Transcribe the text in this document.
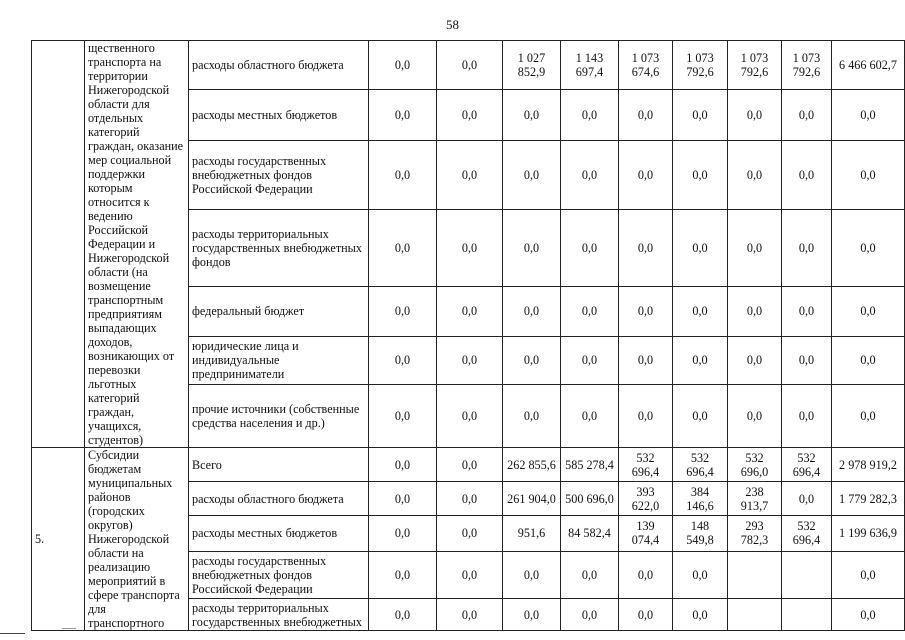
58
	щественного транспорта на территории Нижегородской области для отдельных категорий граждан, оказание мер социальной поддержки которым относится к ведению Российской Федерации и Нижегородской области (на возмещение транспортным предприятиям выпадающих доходов, возникающих от перевозки льготных категорий граждан, учащихся, студентов)	расходы областного бюджета	0,0	0,0	1 027 852,9	1 143 697,4	1 073 674,6	1 073 792,6	1 073 792,6	1 073 792,6	6 466 602,7
		расходы местных бюджетов	0,0	0,0	0,0	0,0	0,0	0,0	0,0	0,0	0,0
		расходы государственных внебюджетных фондов Российской Федерации	0,0	0,0	0,0	0,0	0,0	0,0	0,0	0,0	0,0
		расходы территориальных государственных внебюджетных фондов	0,0	0,0	0,0	0,0	0,0	0,0	0,0	0,0	0,0
		федеральный бюджет	0,0	0,0	0,0	0,0	0,0	0,0	0,0	0,0	0,0
		юридические лица и индивидуальные предприниматели	0,0	0,0	0,0	0,0	0,0	0,0	0,0	0,0	0,0
		прочие источники (собственные средства населения и др.)	0,0	0,0	0,0	0,0	0,0	0,0	0,0	0,0	0,0
5.	Субсидии бюджетам муниципальных районов (городских округов) Нижегородской области на реализацию мероприятий в сфере транспорта для транспортного	Всего	0,0	0,0	262 855,6	585 278,4	532 696,4	532 696,4	532 696,0	532 696,4	2 978 919,2
		расходы областного бюджета	0,0	0,0	261 904,0	500 696,0	393 622,0	384 146,6	238 913,7	0,0	1 779 282,3
		расходы местных бюджетов	0,0	0,0	951,6	84 582,4	139 074,4	148 549,8	293 782,3	532 696,4	1 199 636,9
		расходы государственных внебюджетных фондов Российской Федерации	0,0	0,0	0,0	0,0	0,0	0,0			0,0
		расходы территориальных государственных внебюджетных	0,0	0,0	0,0	0,0	0,0	0,0			0,0
